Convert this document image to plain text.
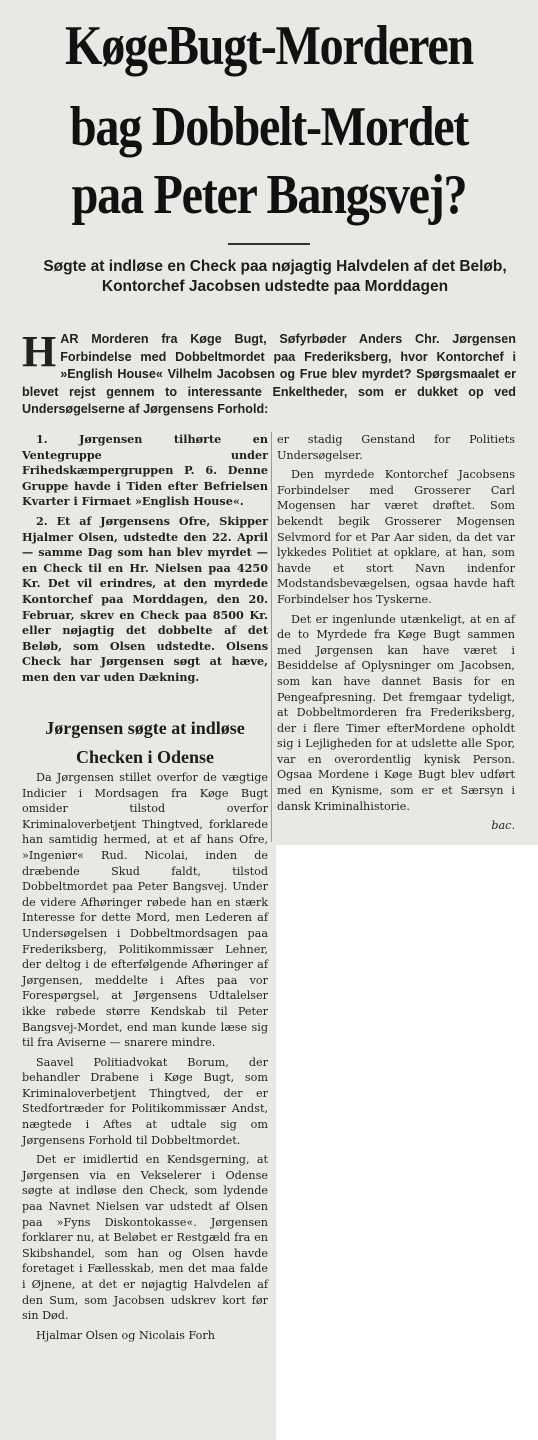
KøgeBugt-Morderen
bag Dobbelt-Mordet
paa Peter Bangsvej?
Søgte at indløse en Check paa nøjagtig Halvdelen af det Beløb, Kontorchef Jacobsen udstedte paa Morddagen
HAR Morderen fra Køge Bugt, Søfyrbøder Anders Chr. Jørgensen Forbindelse med Dobbeltmordet paa Frederiksberg, hvor Kontorchef i »English House« Vilhelm Jacobsen og Frue blev myrdet? Spørgsmaalet er blevet rejst gennem to interessante Enkeltheder, som er dukket op ved Undersøgelserne af Jørgensens Forhold:

1. Jørgensen tilhørte en Ventegruppe under Frihedskæmpergruppen P. 6. Denne Gruppe havde i Tiden efter Befrielsen Kvarter i Firmaet »English House«.

2. Et af Jørgensens Ofre, Skipper Hjalmer Olsen, udstedte den 22. April — samme Dag som han blev myrdet — en Check til en Hr. Nielsen paa 4250 Kr. Det vil erindres, at den myrdede Kontorchef paa Morddagen, den 20. Februar, skrev en Check paa 8500 Kr. eller nøjagtig det dobbelte af det Beløb, som Olsen udstedte. Olsens Check har Jørgensen søgt at hæve, men den var uden Dækning.

Jørgensen søgte at indløse
Checken i Odense

Da Jørgensen stillet overfor de vægtige Indicier i Mordsagen fra Køge Bugt omsider tilstod overfor Kriminaloverbetjent Thingtved, forklarede han samtidig hermed, at et af hans Ofre, »Ingeniør« Rud. Nicolai, inden de dræbende Skud faldt, tilstod Dobbeltmordet paa Peter Bangsvej. Under de videre Afhøringer røbede han en stærk Interesse for dette Mord, men Lederen af Undersøgelsen i Dobbeltmordsagen paa Frederiksberg, Politikommissær Lehner, der deltog i de efterfølgende Afhøringer af Jørgensen, meddelte i Aftes paa vor Forespørgsel, at Jørgensens Udtalelser ikke røbede større Kendskab til Peter Bangsvej-Mordet, end man kunde læse sig til fra Aviserne — snarere mindre.

Saavel Politiadvokat Borum, der behandler Drabene i Køge Bugt, som Kriminaloverbetjent Thingtved, der er Stedfortræder for Politikommissær Andst, nægtede i Aftes at udtale sig om Jørgensens Forhold til Dobbeltmordet.

Det er imidlertid en Kendsgerning, at Jørgensen via en Vekselerer i Odense søgte at indløse den Check, som lydende paa Navnet Nielsen var udstedt af Olsen paa »Fyns Diskontokasse«. Jørgensen forklarer nu, at Beløbet er Restgæld fra en Skibshandel, som han og Olsen havde foretaget i Fællesskab, men det maa falde i Øjnene, at det er nøjagtig Halvdelen af den Sum, som Jacobsen udskrev kort før sin Død.

Hjalmar Olsen og Nicolais Forh

er stadig Genstand for Politiets Undersøgelser.

Den myrdede Kontorchef Jacobsens Forbindelser med Grosserer Carl Mogensen har været drøftet. Som bekendt begik Grosserer Mogensen Selvmord for et Par Aar siden, da det var lykkedes Politiet at opklare, at han, som havde et stort Navn indenfor Modstandsbevægelsen, ogsaa havde haft Forbindelser hos Tyskerne.

Det er ingenlunde utænkeligt, at en af de to Myrdede fra Køge Bugt sammen med Jørgensen kan have været i Besiddelse af Oplysninger om Jacobsen, som kan have dannet Basis for en Pengeafpresning. Det fremgaar tydeligt, at Dobbeltmorderen fra Frederiksberg, der i flere Timer efterMordene opholdt sig i Lejligheden for at udslette alle Spor, var en overordentlig kynisk Person. Ogsaa Mordene i Køge Bugt blev udført med en Kynisme, som er et Særsyn i dansk Kriminalhistorie.

bac.
